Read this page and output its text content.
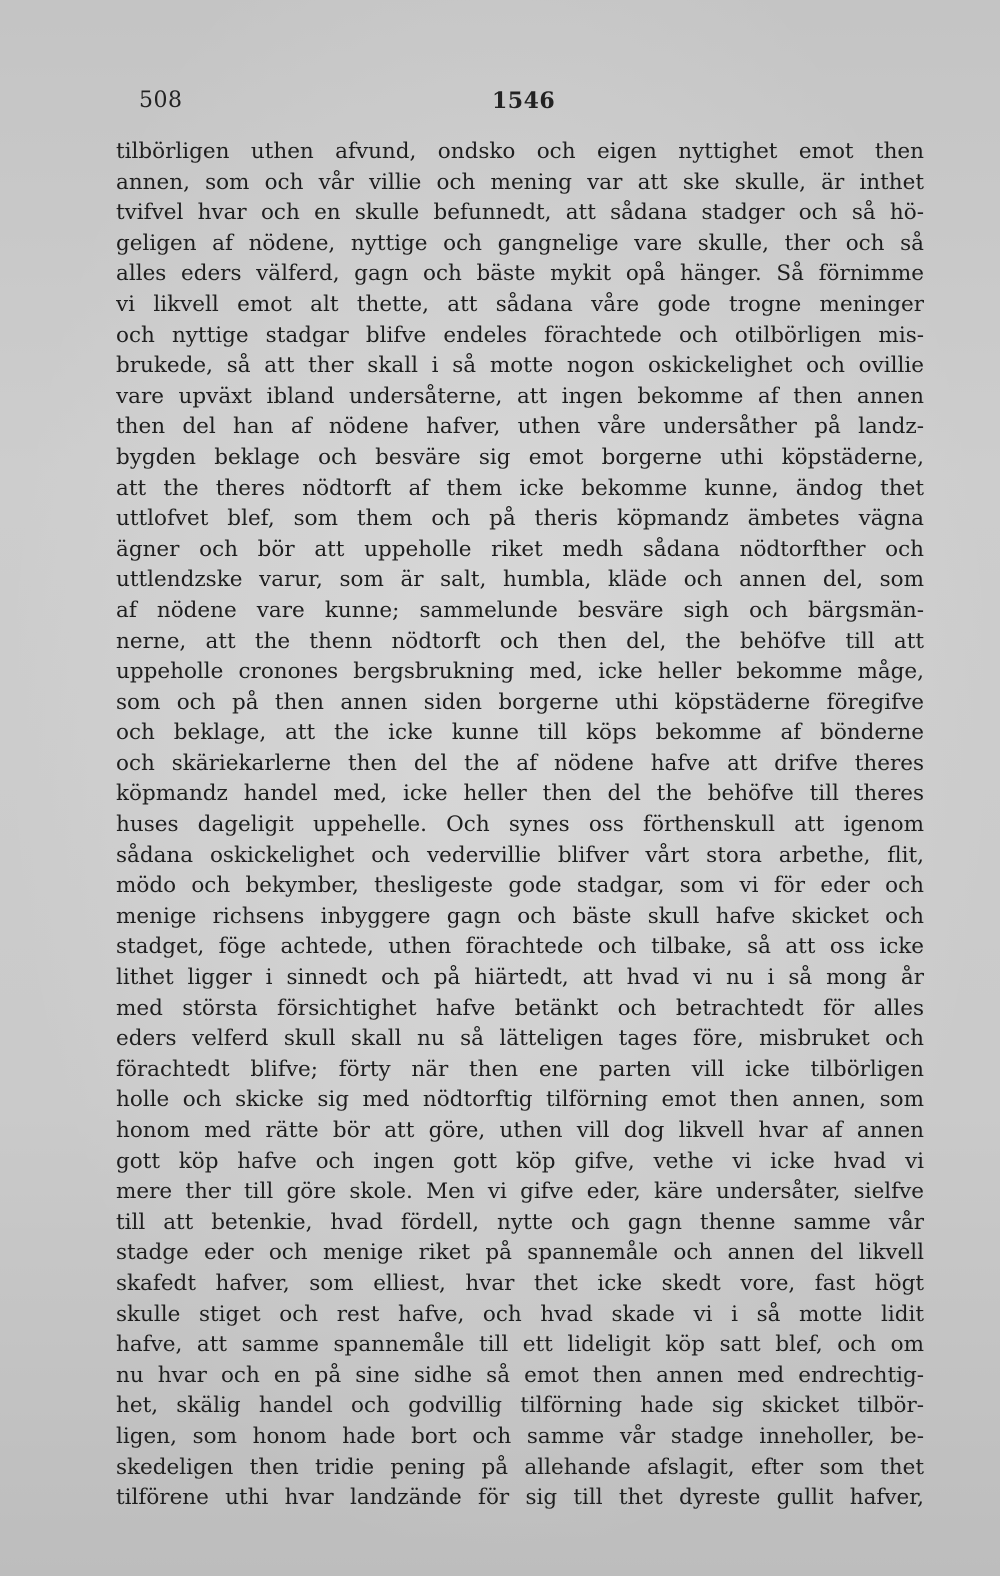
508	1546
tilbörligen uthen afvund, ondsko och eigen nyttighet emot then
annen, som och vår villie och mening var att ske skulle, är inthet
tvifvel hvar och en skulle befunnedt, att sådana stadger och så hö-
geligen af nödene, nyttige och gangnelige vare skulle, ther och så
alles eders välferd, gagn och bäste mykit opå hänger. Så förnimme
vi likvell emot alt thette, att sådana våre gode trogne meninger
och nyttige stadgar blifve endeles förachtede och otilbörligen mis-
brukede, så att ther skall i så motte nogon oskickelighet och ovillie
vare upväxt ibland undersåterne, att ingen bekomme af then annen
then del han af nödene hafver, uthen våre undersåther på landz-
bygden beklage och besväre sig emot borgerne uthi köpstäderne,
att the theres nödtorft af them icke bekomme kunne, ändog thet
uttlofvet blef, som them och på theris köpmandz ämbetes vägna
ägner och bör att uppeholle riket medh sådana nödtorfther och
uttlendzske varur, som är salt, humbla, kläde och annen del, som
af nödene vare kunne; sammelunde besväre sigh och bärgsmän-
nerne, att the thenn nödtorft och then del, the behöfve till att
uppeholle cronones bergsbrukning med, icke heller bekomme måge,
som och på then annen siden borgerne uthi köpstäderne föregifve
och beklage, att the icke kunne till köps bekomme af bönderne
och skäriekarlerne then del the af nödene hafve att drifve theres
köpmandz handel med, icke heller then del the behöfve till theres
huses dageligit uppehelle. Och synes oss förthenskull att igenom
sådana oskickelighet och vedervillie blifver vårt stora arbethe, flit,
mödo och bekymber, thesligeste gode stadgar, som vi för eder och
menige richsens inbyggere gagn och bäste skull hafve skicket och
stadget, föge achtede, uthen förachtede och tilbake, så att oss icke
lithet ligger i sinnedt och på hiärtedt, att hvad vi nu i så mong år
med största försichtighet hafve betänkt och betrachtedt för alles
eders velferd skull skall nu så lätteligen tages före, misbruket och
förachtedt blifve; förty när then ene parten vill icke tilbörligen
holle och skicke sig med nödtorftig tilförning emot then annen, som
honom med rätte bör att göre, uthen vill dog likvell hvar af annen
gott köp hafve och ingen gott köp gifve, vethe vi icke hvad vi
mere ther till göre skole. Men vi gifve eder, käre undersåter, sielfve
till att betenkie, hvad fördell, nytte och gagn thenne samme vår
stadge eder och menige riket på spannemåle och annen del likvell
skafedt hafver, som elliest, hvar thet icke skedt vore, fast högt
skulle stiget och rest hafve, och hvad skade vi i så motte lidit
hafve, att samme spannemåle till ett lideligit köp satt blef, och om
nu hvar och en på sine sidhe så emot then annen med endrechtig-
het, skälig handel och godvillig tilförning hade sig skicket tilbör-
ligen, som honom hade bort och samme vår stadge inneholler, be-
skedeligen then tridie pening på allehande afslagit, efter som thet
tilförene uthi hvar landzände för sig till thet dyreste gullit hafver,
